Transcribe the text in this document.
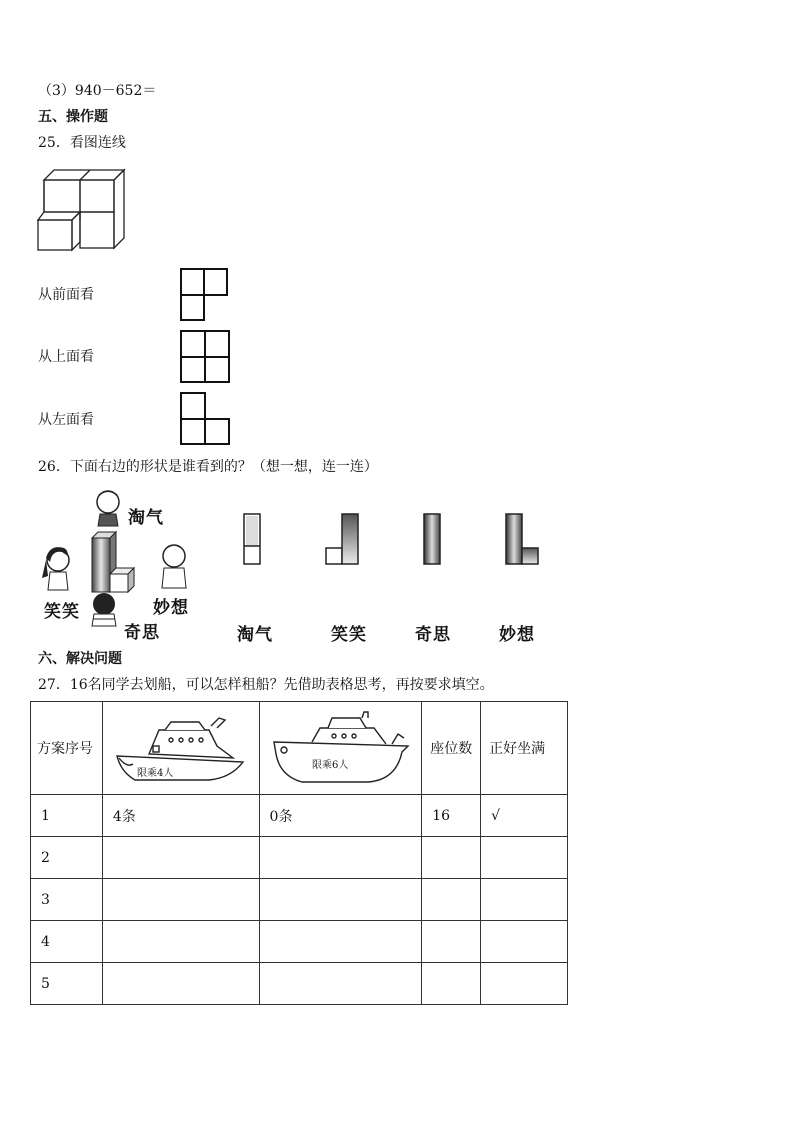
（3）940－652＝
五、操作题
25．看图连线
从前面看
从上面看
从左面看
26．下面右边的形状是谁看到的？（想一想，连一连）
淘气
笑笑	妙想
奇思	淘气	笑笑	奇思	妙想
六、解决问题
27．16名同学去划船，可以怎样租船？先借助表格思考，再按要求填空。
方案序号	限乘4人	限乘6人	座位数	正好坐满
1	4条	0条	16	√
2				
3				
4				
5				
